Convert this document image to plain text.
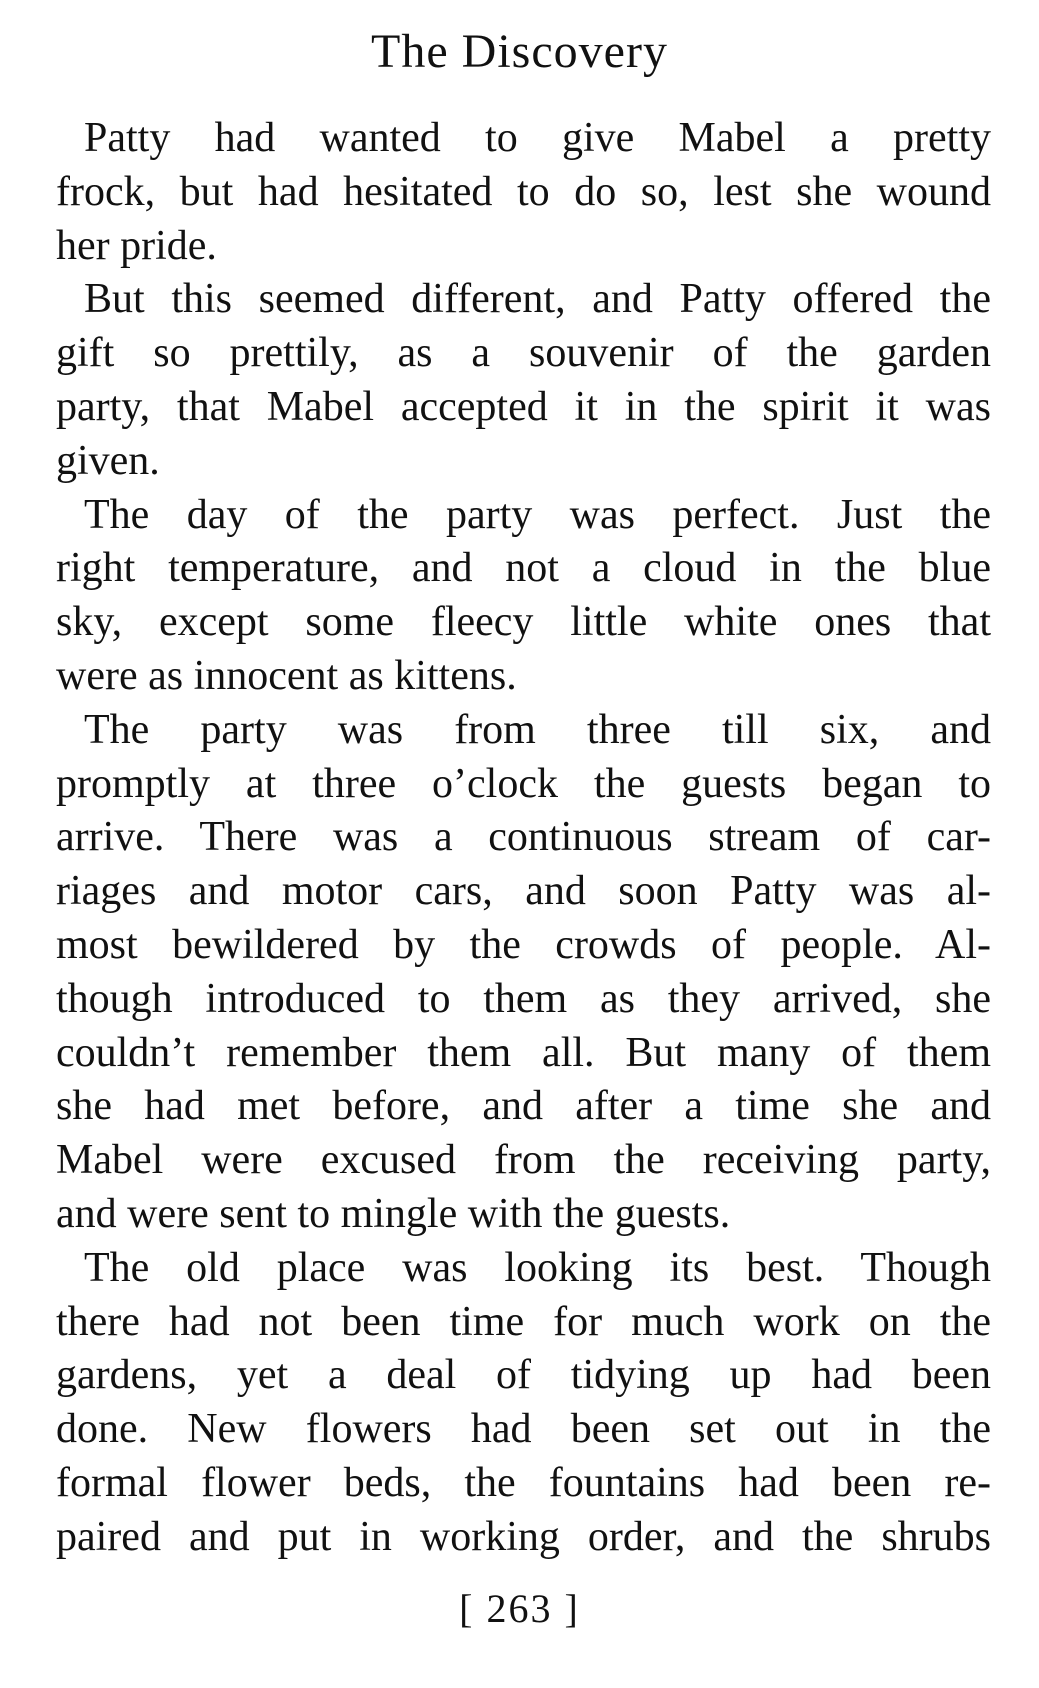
The Discovery

Patty had wanted to give Mabel a pretty
frock, but had hesitated to do so, lest she wound
her pride.

But this seemed different, and Patty offered the
gift so prettily, as a souvenir of the garden
party, that Mabel accepted it in the spirit it was
given.

The day of the party was perfect. Just the
right temperature, and not a cloud in the blue
sky, except some fleecy little white ones that
were as innocent as kittens.

The party was from three till six, and
promptly at three o’clock the guests began to
arrive. There was a continuous stream of car-
riages and motor cars, and soon Patty was al-
most bewildered by the crowds of people. Al-
though introduced to them as they arrived, she
couldn’t remember them all. But many of them
she had met before, and after a time she and
Mabel were excused from the receiving party,
and were sent to mingle with the guests.

The old place was looking its best. Though
there had not been time for much work on the
gardens, yet a deal of tidying up had been
done. New flowers had been set out in the
formal flower beds, the fountains had been re-
paired and put in working order, and the shrubs

[ 263 ]
